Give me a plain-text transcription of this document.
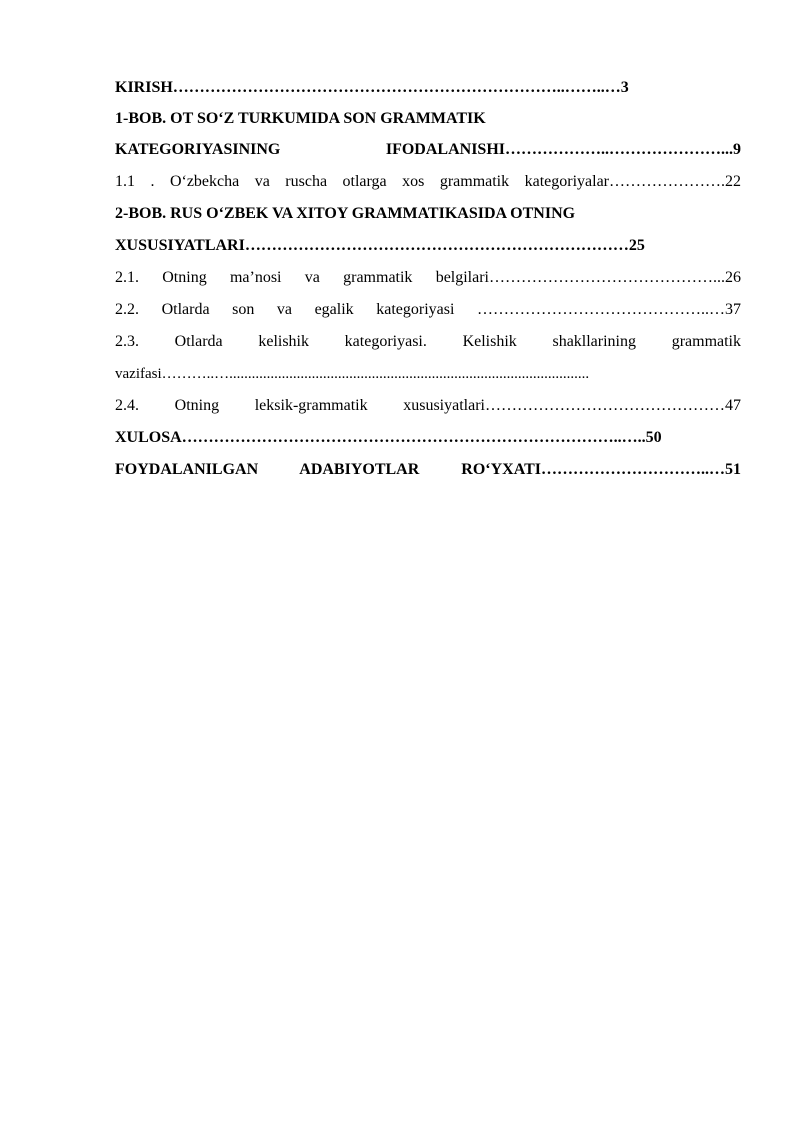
KIRISH………………………………………………………………..……..…3
1-BOB. OT SO‘Z TURKUMIDA SON GRAMMATIK
KATEGORIYASINING IFODALANISHI………………..…………………...9
1.1 . O‘zbekcha va ruscha otlarga xos grammatik kategoriyalar………………….22
2-BOB. RUS O‘ZBEK VA XITOY GRAMMATIKASIDA OTNING
XUSUSIYATLARI………………………………………………………………25
2.1. Otning ma’nosi va grammatik belgilari……………………………………...26
2.2. Otlarda son va egalik kategoriyasi ……………………………………..…37
2.3. Otlarda kelishik kategoriyasi. Kelishik shakllarining grammatik
vazifasi………..…................................................................................................
2.4. Otning leksik-grammatik xususiyatlari………………………………………47
XULOSA………………………………………………………………………..…..50
FOYDALANILGAN ADABIYOTLAR RO‘YXATI…………………………..…51
